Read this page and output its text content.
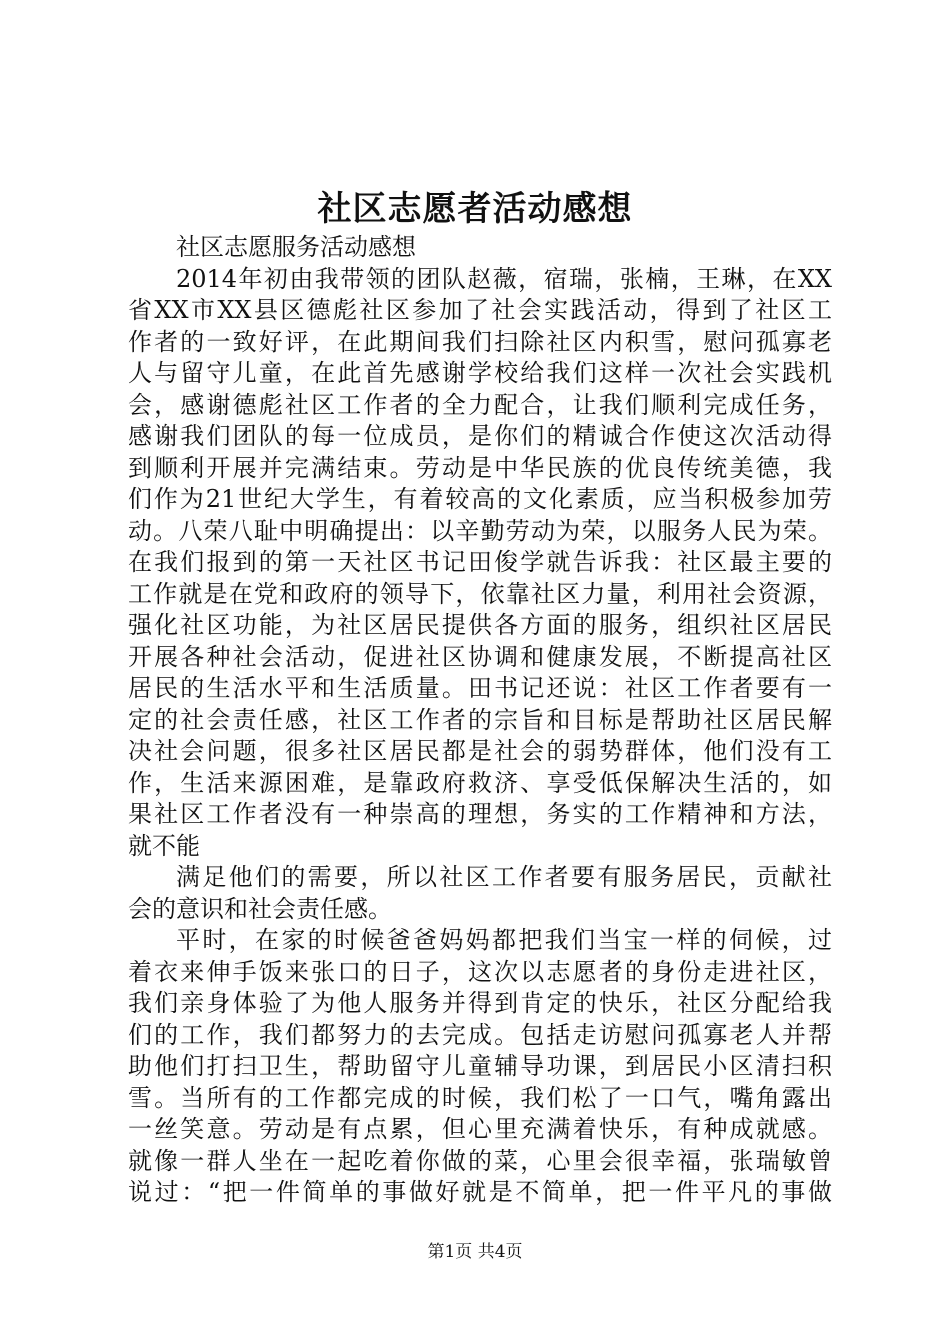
社区志愿者活动感想
社区志愿服务活动感想
2014年初由我带领的团队赵薇，宿瑞，张楠，王琳，在XX
省XX市XX县区德彪社区参加了社会实践活动，得到了社区工
作者的一致好评，在此期间我们扫除社区内积雪，慰问孤寡老
人与留守儿童，在此首先感谢学校给我们这样一次社会实践机
会，感谢德彪社区工作者的全力配合，让我们顺利完成任务，
感谢我们团队的每一位成员，是你们的精诚合作使这次活动得
到顺利开展并完满结束。劳动是中华民族的优良传统美德，我
们作为21世纪大学生，有着较高的文化素质，应当积极参加劳
动。八荣八耻中明确提出：以辛勤劳动为荣，以服务人民为荣。
在我们报到的第一天社区书记田俊学就告诉我：社区最主要的
工作就是在党和政府的领导下，依靠社区力量，利用社会资源，
强化社区功能，为社区居民提供各方面的服务，组织社区居民
开展各种社会活动，促进社区协调和健康发展，不断提高社区
居民的生活水平和生活质量。田书记还说：社区工作者要有一
定的社会责任感，社区工作者的宗旨和目标是帮助社区居民解
决社会问题，很多社区居民都是社会的弱势群体，他们没有工
作，生活来源困难，是靠政府救济、享受低保解决生活的，如
果社区工作者没有一种崇高的理想，务实的工作精神和方法，
就不能
满足他们的需要，所以社区工作者要有服务居民，贡献社
会的意识和社会责任感。
平时，在家的时候爸爸妈妈都把我们当宝一样的伺候，过
着衣来伸手饭来张口的日子，这次以志愿者的身份走进社区，
我们亲身体验了为他人服务并得到肯定的快乐，社区分配给我
们的工作，我们都努力的去完成。包括走访慰问孤寡老人并帮
助他们打扫卫生，帮助留守儿童辅导功课，到居民小区清扫积
雪。当所有的工作都完成的时候，我们松了一口气，嘴角露出
一丝笑意。劳动是有点累，但心里充满着快乐，有种成就感。
就像一群人坐在一起吃着你做的菜，心里会很幸福，张瑞敏曾
说过：“把一件简单的事做好就是不简单，把一件平凡的事做
第1页 共4页
